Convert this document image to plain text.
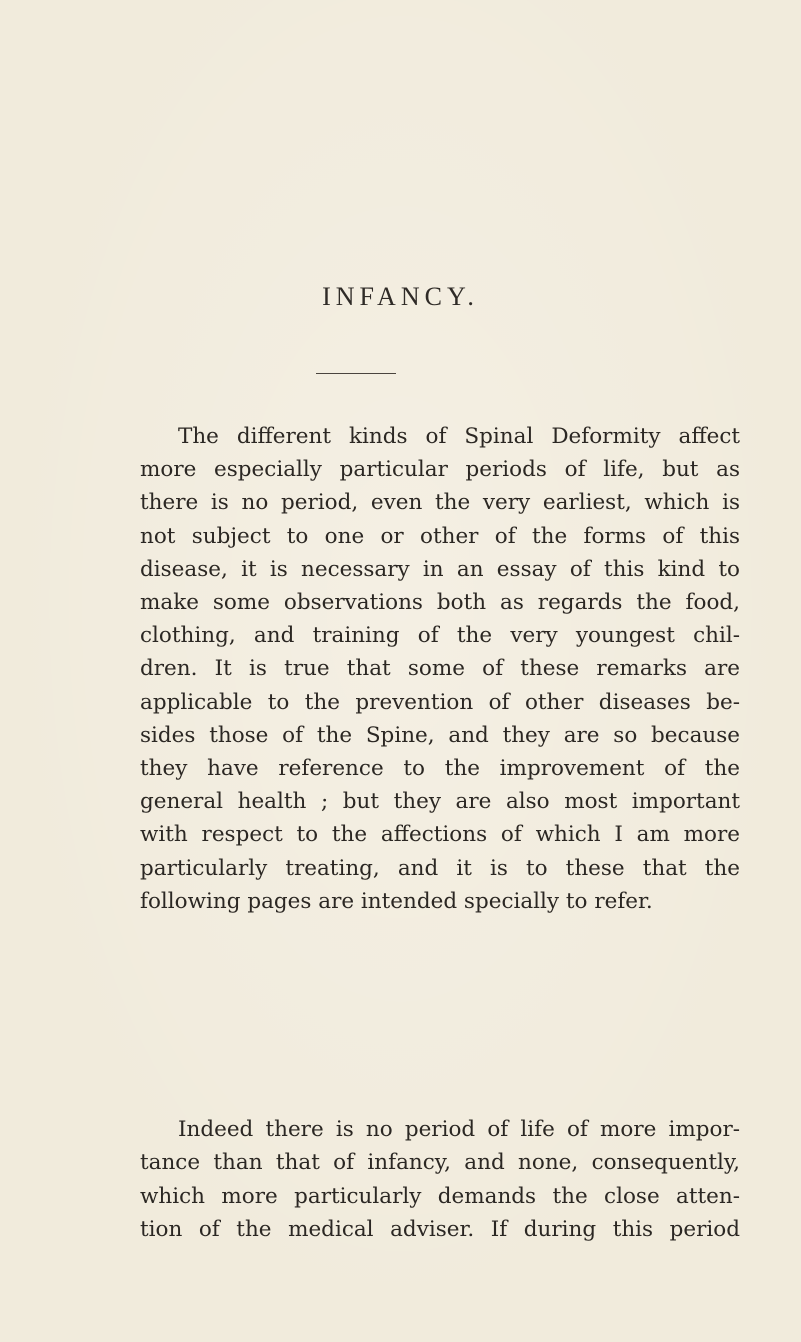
INFANCY.
The different kinds of Spinal Deformity affect
more especially particular periods of life, but as
there is no period, even the very earliest, which is
not subject to one or other of the forms of this
disease, it is necessary in an essay of this kind to
make some observations both as regards the food,
clothing, and training of the very youngest chil-
dren. It is true that some of these remarks are
applicable to the prevention of other diseases be-
sides those of the Spine, and they are so because
they have reference to the improvement of the
general health ; but they are also most important
with respect to the affections of which I am more
particularly treating, and it is to these that the
following pages are intended specially to refer.
Indeed there is no period of life of more impor-
tance than that of infancy, and none, consequently,
which more particularly demands the close atten-
tion of the medical adviser. If during this period
